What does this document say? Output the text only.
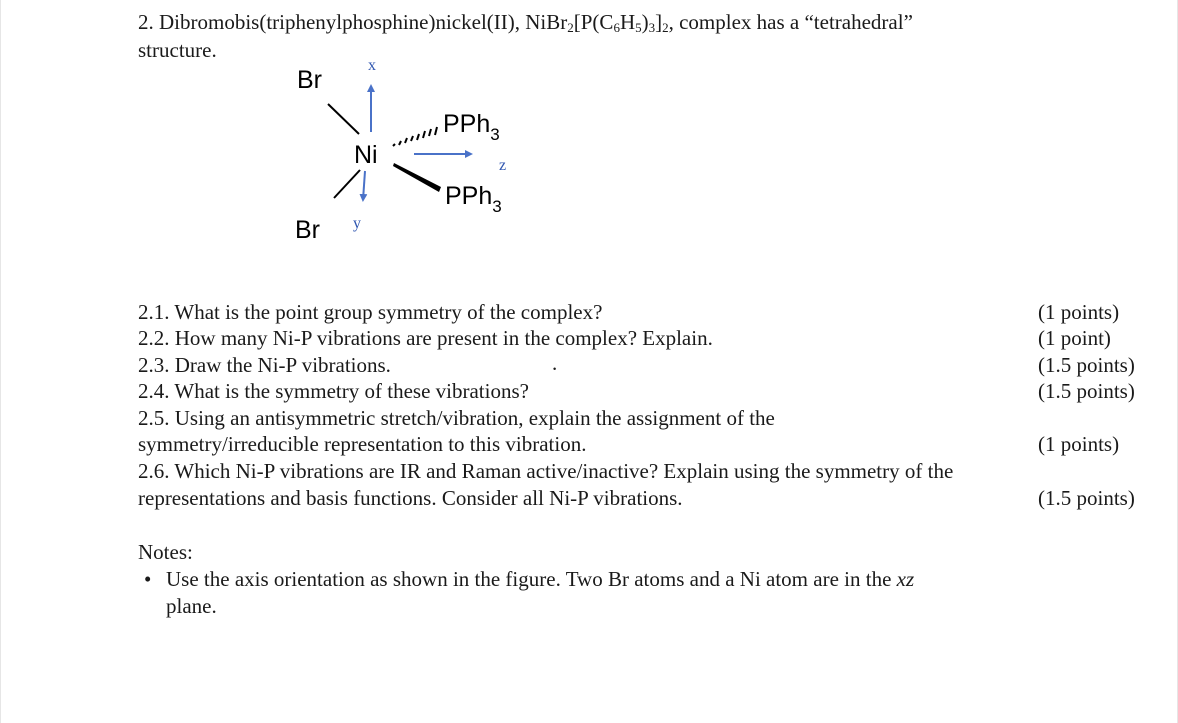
2. Dibromobis(triphenylphosphine)nickel(II), $NiBr_2[P(C_6H_5)_3]_2$, complex has a “tetrahedral”
structure.
Br
Br
Ni
x
y
PPh$_3$
z
PPh$_3$
2.1. What is the point group symmetry of the complex?	(1 points)
2.2. How many Ni-P vibrations are present in the complex? Explain.	(1 point)
2.3. Draw the Ni-P vibrations.	.	(1.5 points)
2.4. What is the symmetry of these vibrations?	(1.5 points)
2.5. Using an antisymmetric stretch/vibration, explain the assignment of the
symmetry/irreducible representation to this vibration.	(1 points)
2.6. Which Ni-P vibrations are IR and Raman active/inactive? Explain using the symmetry of the
representations and basis functions. Consider all Ni-P vibrations.	(1.5 points)
Notes:
• Use the axis orientation as shown in the figure. Two Br atoms and a Ni atom are in the xz
plane.
